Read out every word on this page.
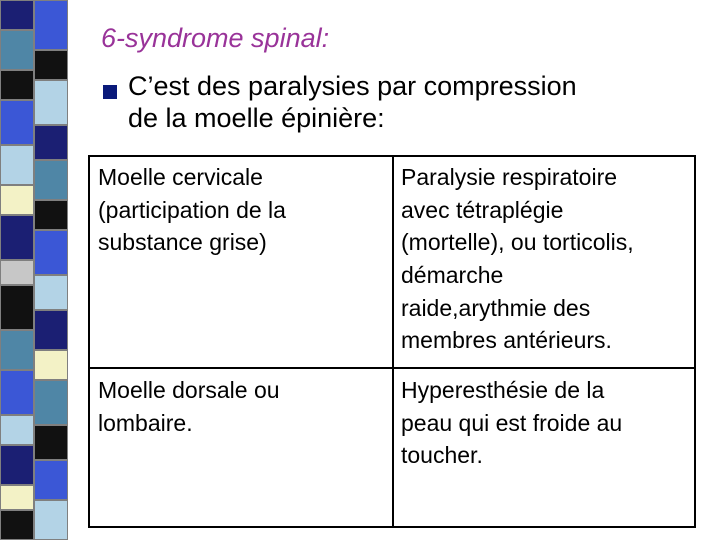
6-syndrome spinal:
C’est des paralysies par compression
de la moelle épinière:
Moelle cervicale
(participation de la
substance grise)
Paralysie respiratoire
avec tétraplégie
(mortelle), ou torticolis,
démarche
raide,arythmie des
membres antérieurs.
Moelle dorsale ou
lombaire.
Hyperesthésie de la
peau qui est froide au
toucher.
